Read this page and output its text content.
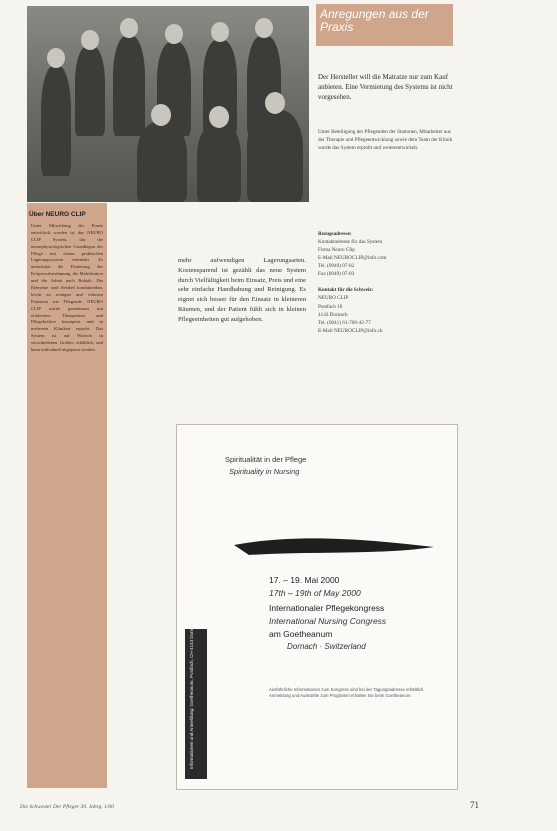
Über NEURO CLIP
Unter Mitwirkung der Praxis entwickelt worden ist das NEURO CLIP System, das die neurophysiologischen Grundlagen der Pflege mit einem praktischen Lagerungssystem verbindet. Es unterstützt die Förderung der Körperwahrnehmung, die Mobilisation und die Arbeit nach Bobath. Die Elemente sind flexibel kombinierbar, leicht zu reinigen und schonen Patienten wie Pflegende. NEURO CLIP wurde gemeinsam mit erfahrenen Therapeuten und Pflegekräften konzipiert und in mehreren Kliniken erprobt. Das System ist auf Wunsch in verschiedenen Größen erhältlich und kann individuell angepasst werden.
mehr aufwendigen Lagerungsarten. Kostensparend ist gezählt das neue System durch Vielfältigkeit beim Einsatz, Preis und eine sehr einfache Handhabung und Reinigung. Es eignet sich besser für den Einsatz in kleineren Räumen, und der Patient fühlt sich in kleinen Pflegeeinheiten gut aufgehoben.
Anregungen aus der Praxis
Der Hersteller will die Matratze nur zum Kauf anbieten. Eine Vermietung des Systems ist nicht vorgesehen.
Unter Beteiligung der Pflegenden der Stationen, Mitarbeiter aus der Therapie und Pflegeentwicklung sowie dem Team der Klinik wurde das System erprobt und weiterentwickelt.
Bezugsadresse:

Kontaktadresse für das System
Firma Neuro Clip
E-Mail NEUROCLIP@info.com
Tel. (0049) 07-82
Fax (0049) 07-83

Kontakt für die Schweiz:

NEURO CLIP
Postfach 18
4143 Dornach
Tel. (0041) 61-706-42-77
E-Mail NEUROCLIP@info.ch

Spiritualität in der Pflege
Spirituality in Nursing
17. – 19. Mai 2000
17th – 19th of May 2000
Internationaler Pflegekongress
International Nursing Congress
am Goetheanum
Dornach · Switzerland
Ausführliche Informationen zum Kongress sind bei der Tagungsadresse erhältlich. Anmeldung und Auskünfte zum Programm erhalten Sie beim Goetheanum.
Informationen und Anmeldung: Goetheanum, Postfach, CH-4143 Dornach
Die Schwester Der Pfleger 39. Jahrg. 1/00	71
